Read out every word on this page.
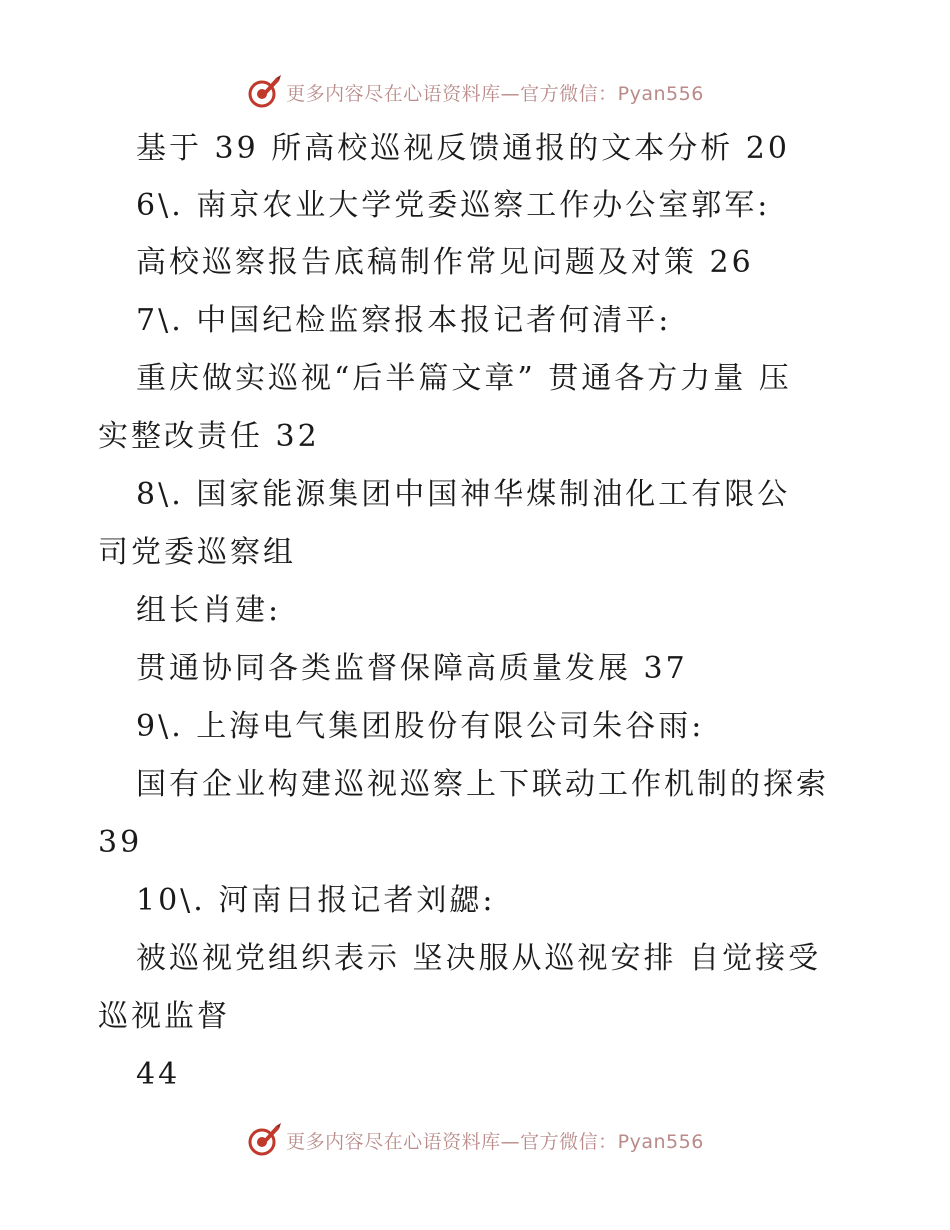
更多内容尽在心语资料库—官方微信：Pyan556
基于 39 所高校巡视反馈通报的文本分析 20
6\. 南京农业大学党委巡察工作办公室郭军:
高校巡察报告底稿制作常见问题及对策 26
7\. 中国纪检监察报本报记者何清平:
重庆做实巡视“后半篇文章” 贯通各方力量 压
实整改责任 32
8\. 国家能源集团中国神华煤制油化工有限公
司党委巡察组
组长肖建:
贯通协同各类监督保障高质量发展 37
9\. 上海电气集团股份有限公司朱谷雨:
国有企业构建巡视巡察上下联动工作机制的探索
39
10\. 河南日报记者刘勰:
被巡视党组织表示 坚决服从巡视安排 自觉接受
巡视监督
44
更多内容尽在心语资料库—官方微信：Pyan556
